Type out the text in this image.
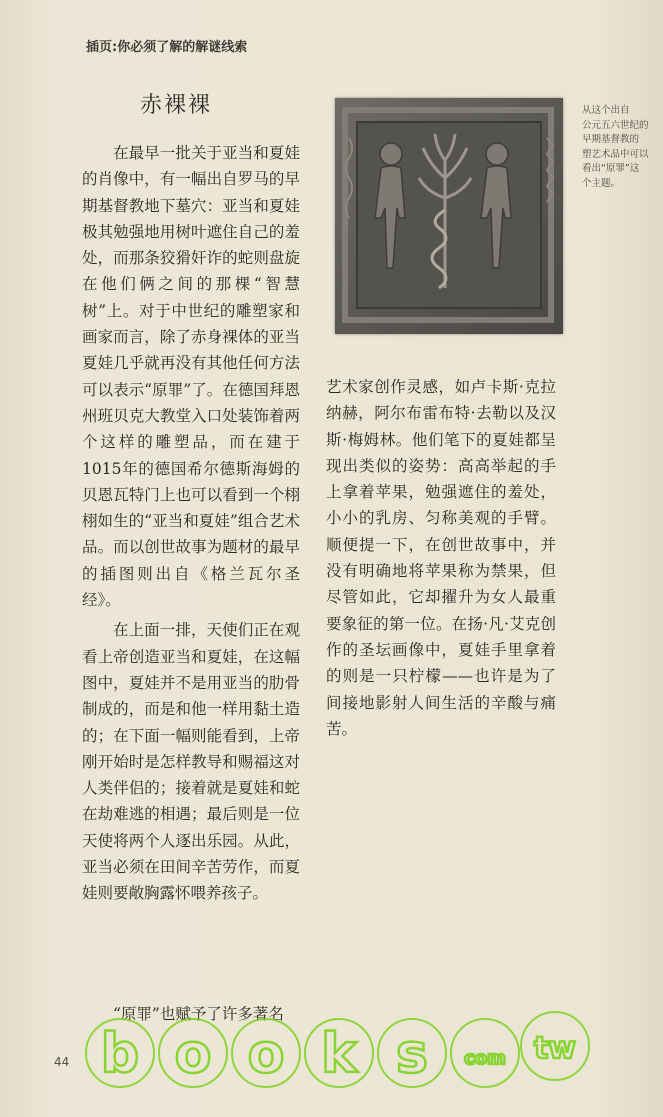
插页:你必须了解的解谜线索
赤裸裸

在最早一批关于亚当和夏娃的肖像中，有一幅出自罗马的早期基督教地下墓穴：亚当和夏娃极其勉强地用树叶遮住自己的羞处，而那条狡猾奸诈的蛇则盘旋在他们俩之间的那棵“智慧树”上。对于中世纪的雕塑家和画家而言，除了赤身裸体的亚当夏娃几乎就再没有其他任何方法可以表示“原罪”了。在德国拜恩州班贝克大教堂入口处装饰着两个这样的雕塑品，而在建于1015年的德国希尔德斯海姆的贝恩瓦特门上也可以看到一个栩栩如生的“亚当和夏娃”组合艺术品。而以创世故事为题材的最早的插图则出自《格兰瓦尔圣经》。

在上面一排，天使们正在观看上帝创造亚当和夏娃，在这幅图中，夏娃并不是用亚当的肋骨制成的，而是和他一样用黏土造的；在下面一幅则能看到，上帝刚开始时是怎样教导和赐福这对人类伴侣的；接着就是夏娃和蛇在劫难逃的相遇；最后则是一位天使将两个人逐出乐园。从此，亚当必须在田间辛苦劳作，而夏娃则要敞胸露怀喂养孩子。

“原罪”也赋予了许多著名

艺术家创作灵感，如卢卡斯·克拉纳赫，阿尔布雷布特·去勒以及汉斯·梅姆林。他们笔下的夏娃都呈现出类似的姿势：高高举起的手上拿着苹果，勉强遮住的羞处，小小的乳房、匀称美观的手臂。顺便提一下，在创世故事中，并没有明确地将苹果称为禁果，但尽管如此，它却擢升为女人最重要象征的第一位。在扬·凡·艾克创作的圣坛画像中，夏娃手里拿着的则是一只柠檬——也许是为了间接地影射人间生活的辛酸与痛苦。

从这个出自
公元五六世纪的
早期基督教的
塑艺术品中可以
看出“原罪”这
个主题。
44 b o o k s com tw
